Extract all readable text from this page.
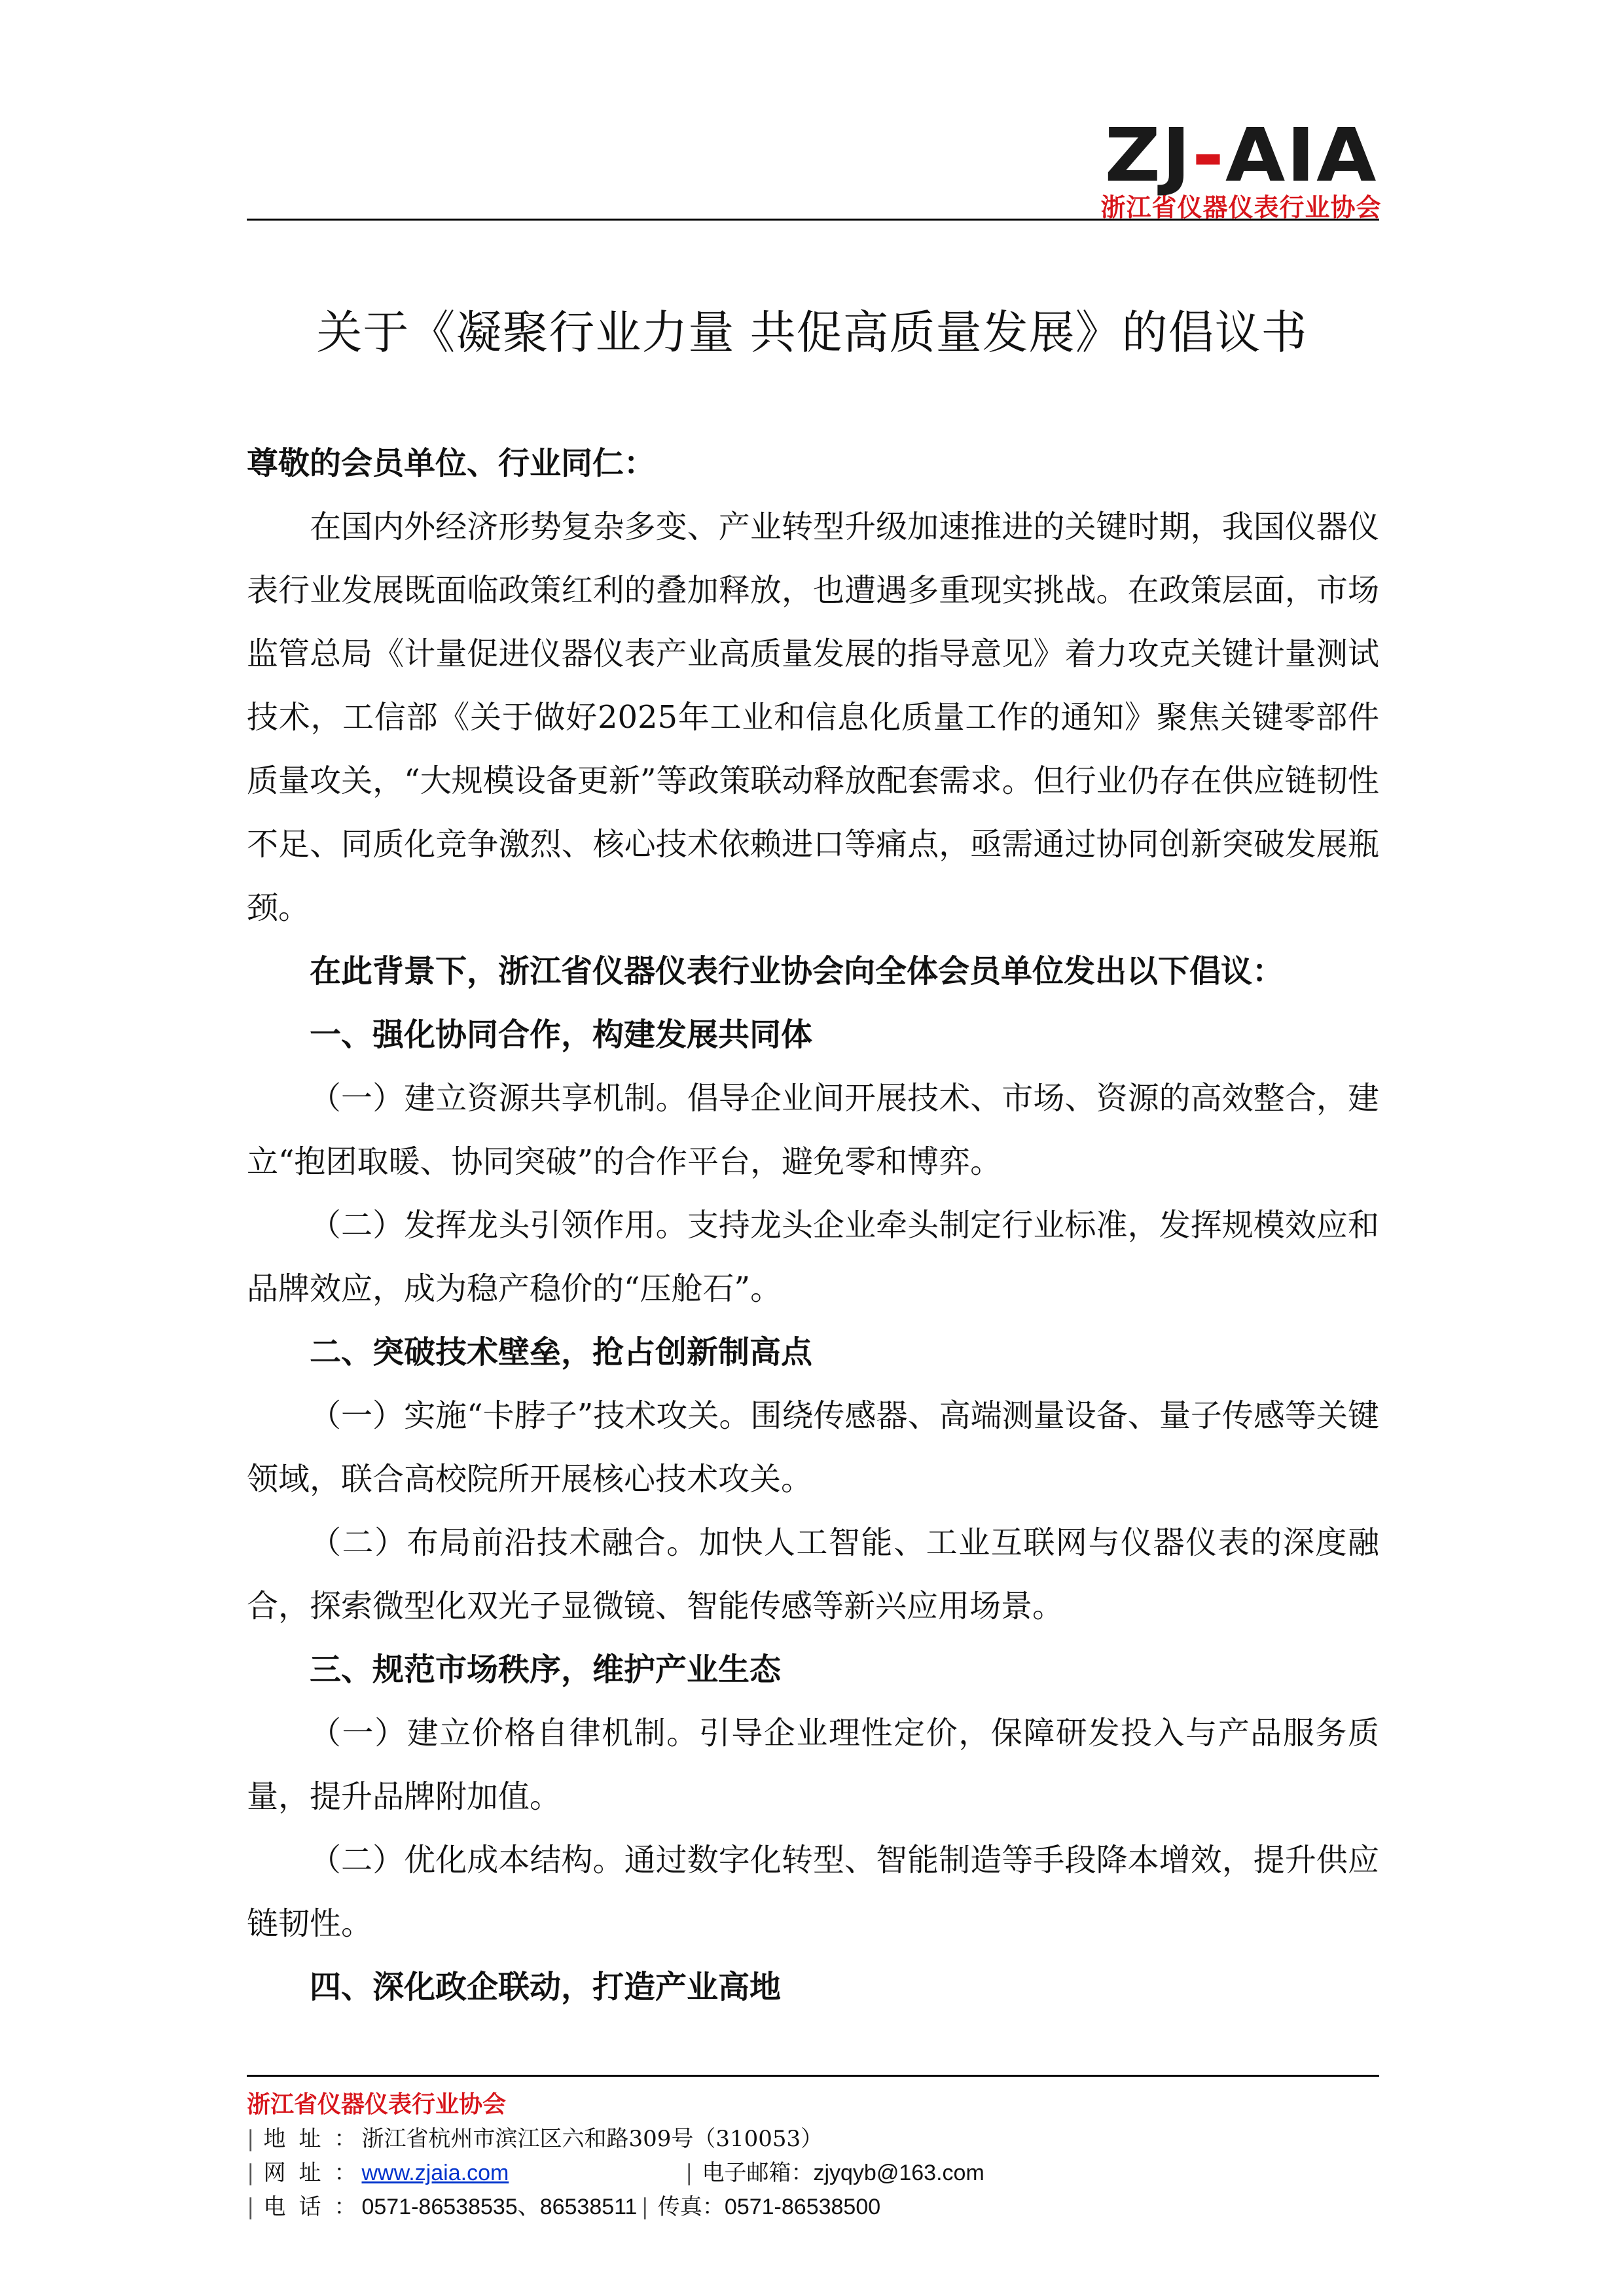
ZJ-AIA
浙江省仪器仪表行业协会
关于《凝聚行业力量 共促高质量发展》的倡议书

尊敬的会员单位、行业同仁：

在国内外经济形势复杂多变、产业转型升级加速推进的关键时期，我国仪器仪表行业发展既面临政策红利的叠加释放，也遭遇多重现实挑战。在政策层面，市场监管总局《计量促进仪器仪表产业高质量发展的指导意见》着力攻克关键计量测试技术，工信部《关于做好2025年工业和信息化质量工作的通知》聚焦关键零部件质量攻关，“大规模设备更新”等政策联动释放配套需求。但行业仍存在供应链韧性不足、同质化竞争激烈、核心技术依赖进口等痛点，亟需通过协同创新突破发展瓶颈。

在此背景下，浙江省仪器仪表行业协会向全体会员单位发出以下倡议：

一、强化协同合作，构建发展共同体

（一）建立资源共享机制。倡导企业间开展技术、市场、资源的高效整合，建立“抱团取暖、协同突破”的合作平台，避免零和博弈。

（二）发挥龙头引领作用。支持龙头企业牵头制定行业标准，发挥规模效应和品牌效应，成为稳产稳价的“压舱石”。

二、突破技术壁垒，抢占创新制高点

（一）实施“卡脖子”技术攻关。围绕传感器、高端测量设备、量子传感等关键领域，联合高校院所开展核心技术攻关。

（二）布局前沿技术融合。加快人工智能、工业互联网与仪器仪表的深度融合，探索微型化双光子显微镜、智能传感等新兴应用场景。

三、规范市场秩序，维护产业生态

（一）建立价格自律机制。引导企业理性定价，保障研发投入与产品服务质量，提升品牌附加值。

（二）优化成本结构。通过数字化转型、智能制造等手段降本增效，提升供应链韧性。

四、深化政企联动，打造产业高地

浙江省仪器仪表行业协会
| 地址：浙江省杭州市滨江区六和路309号（310053）
| 网址：www.zjaia.com	| 电子邮箱：zjyqyb@163.com
| 电话：0571-86538535、86538511 | 传真：0571-86538500
